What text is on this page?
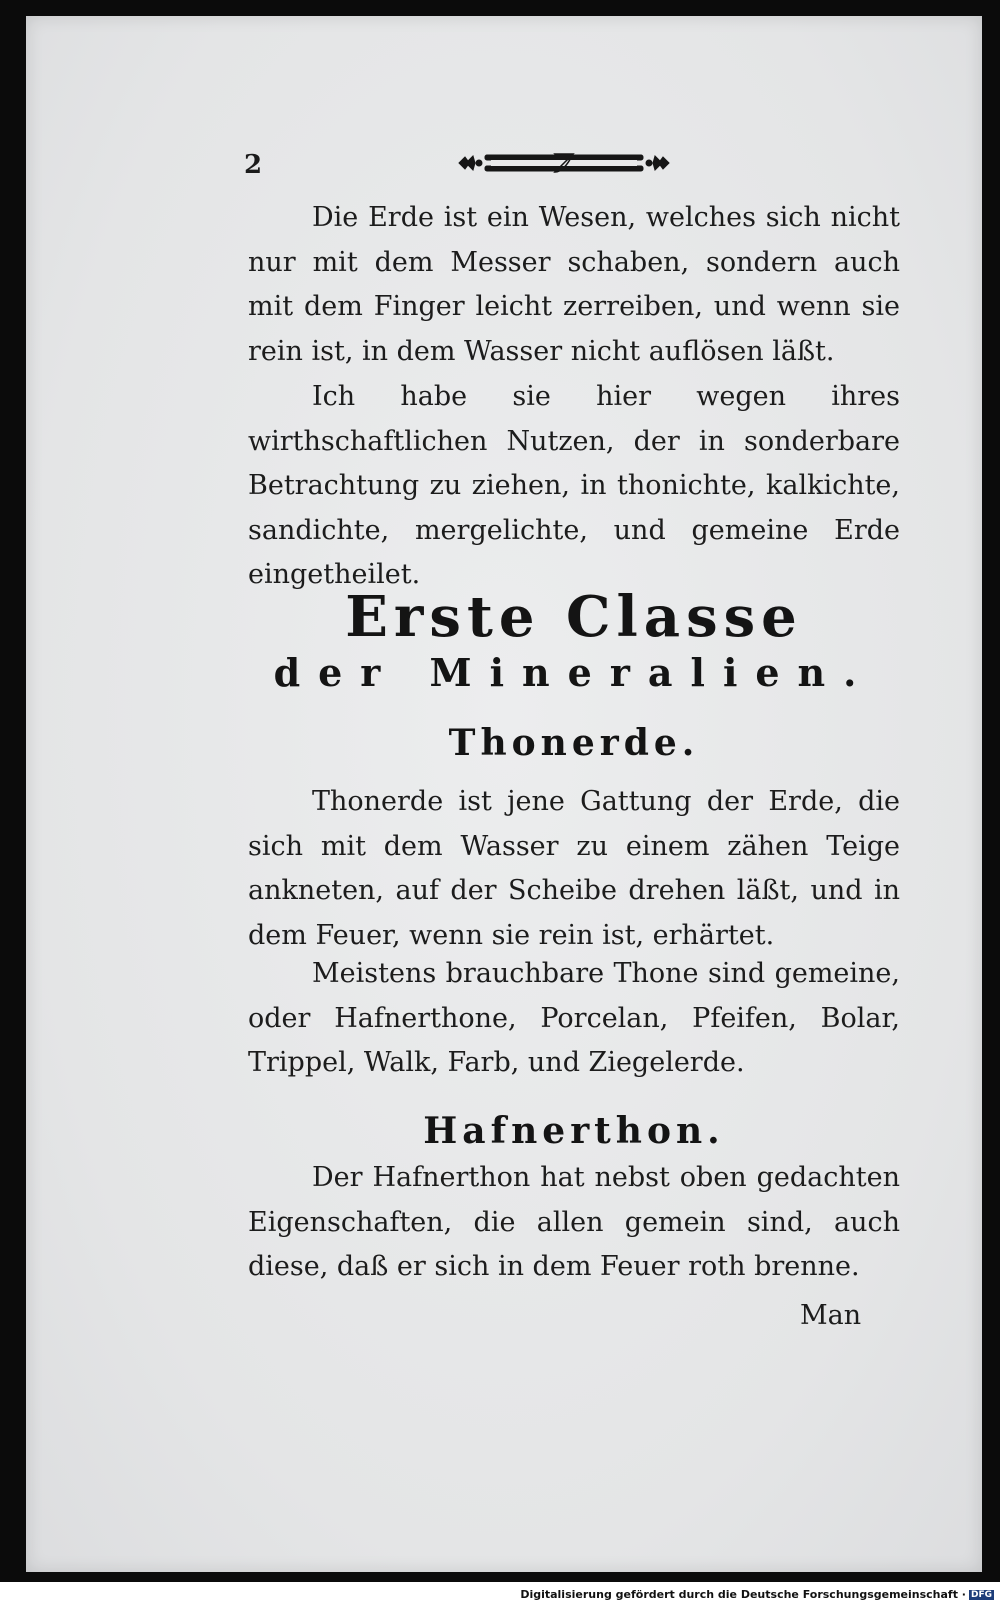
2

Die Erde ist ein Wesen, welches sich nicht nur mit dem Messer schaben, sondern auch mit dem Finger leicht zerreiben, und wenn sie rein ist, in dem Wasser nicht auflösen läßt.

Ich habe sie hier wegen ihres wirthschaftlichen Nutzen, der in sonderbare Betrachtung zu ziehen, in thonichte, kalkichte, sandichte, mergelichte, und gemeine Erde eingetheilet.

Erste Classe
der Mineralien.
Thonerde.

Thonerde ist jene Gattung der Erde, die sich mit dem Wasser zu einem zähen Teige ankneten, auf der Scheibe drehen läßt, und in dem Feuer, wenn sie rein ist, erhärtet.

Meistens brauchbare Thone sind gemeine, oder Hafnerthone, Porcelan, Pfeifen, Bolar, Trippel, Walk, Farb, und Ziegelerde.

Hafnerthon.

Der Hafnerthon hat nebst oben gedachten Eigenschaften, die allen gemein sind, auch diese, daß er sich in dem Feuer roth brenne.

Man
Digitalisierung gefördert durch die Deutsche Forschungsgemeinschaft · DFG
